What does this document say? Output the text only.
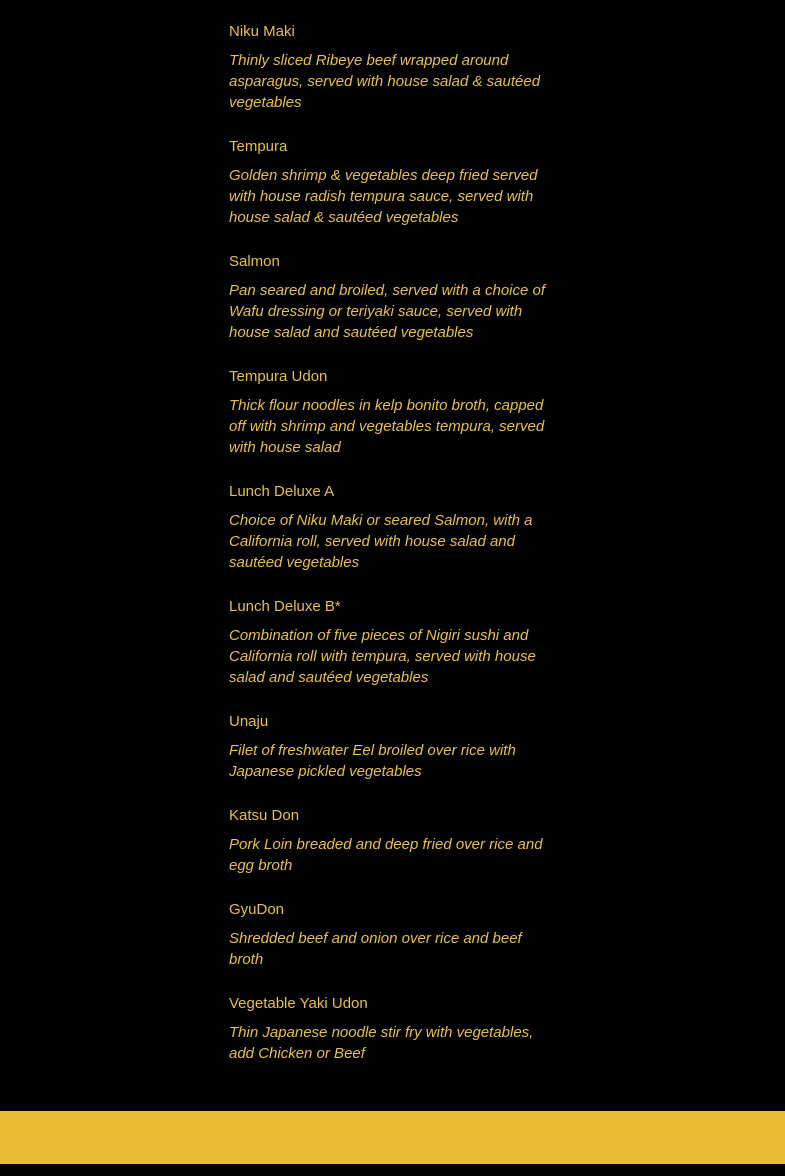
Niku Maki

Thinly sliced Ribeye beef wrapped around asparagus, served with house salad & sautéed vegetables

Tempura

Golden shrimp & vegetables deep fried served with house radish tempura sauce, served with house salad & sautéed vegetables

Salmon

Pan seared and broiled, served with a choice of Wafu dressing or teriyaki sauce, served with house salad and sautéed vegetables

Tempura Udon

Thick flour noodles in kelp bonito broth, capped off with shrimp and vegetables tempura, served with house salad

Lunch Deluxe A

Choice of Niku Maki or seared Salmon, with a California roll, served with house salad and sautéed vegetables

Lunch Deluxe B*

Combination of five pieces of Nigiri sushi and California roll with tempura, served with house salad and sautéed vegetables

Unaju

Filet of freshwater Eel broiled over rice with Japanese pickled vegetables

Katsu Don

Pork Loin breaded and deep fried over rice and egg broth

GyuDon

Shredded beef and onion over rice and beef broth

Vegetable Yaki Udon

Thin Japanese noodle stir fry with vegetables, add Chicken or Beef
